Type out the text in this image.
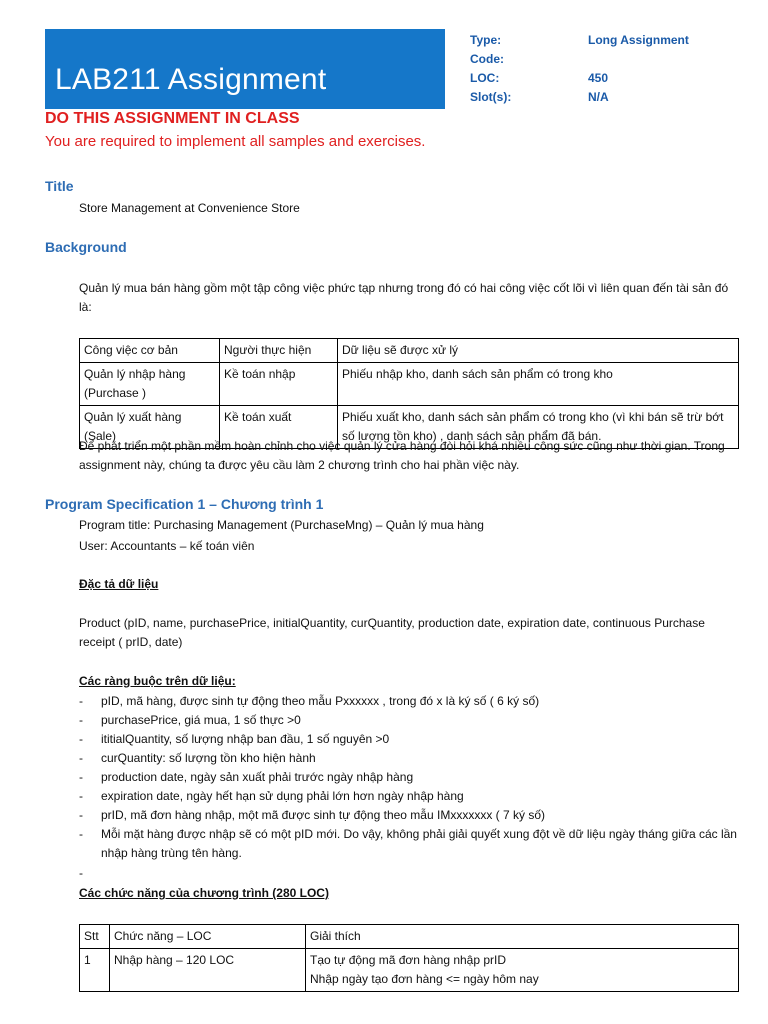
LAB211 Assignment
Type:	Long Assignment
Code:
LOC:	450
Slot(s):	N/A
DO THIS ASSIGNMENT IN CLASS
You are required to implement all samples and exercises.
Title
Store Management at Convenience Store
Background
Quản lý mua bán hàng gồm một tập công việc phức tạp nhưng trong đó có hai công việc cốt lõi vì liên quan đến tài sản đó là:
Công việc cơ bản	Người thực hiện	Dữ liệu sẽ được xử lý
Quản lý nhập hàng (Purchase )	Kề toán nhập	Phiếu nhập kho, danh sách sản phẩm có trong kho
Quản lý xuất hàng (Sale)	Kề toán xuất	Phiếu xuất kho, danh sách sản phẩm có trong kho (vì khi bán sẽ trừ bớt số lượng tồn kho) , danh sách sản phẩm đã bán.
Để phát triển một phần mềm hoàn chỉnh cho việc quản lý cửa hàng đòi hỏi khá nhiều công sức cũng như thời gian. Trong assignment này, chúng ta được yêu cầu làm 2 chương trình cho hai phần việc này.
Program Specification 1 – Chương trình 1
Program title: Purchasing Management (PurchaseMng) – Quản lý mua hàng
User: Accountants – kế toán viên
Đặc tả dữ liệu
Product (pID, name, purchasePrice, initialQuantity, curQuantity, production date, expiration date, continuous Purchase receipt ( prID, date)
Các ràng buộc trên dữ liệu:
- pID, mã hàng, được sinh tự động theo mẫu Pxxxxxx , trong đó x là ký số ( 6 ký số)
- purchasePrice, giá mua, 1 số thực >0
- ititialQuantity, số lượng nhập ban đầu, 1 số nguyên >0
- curQuantity: số lượng tồn kho hiện hành
- production date, ngày sản xuất phải trước ngày nhập hàng
- expiration date, ngày hết hạn sử dụng phải lớn hơn ngày nhập hàng
- prID, mã đơn hàng nhập, một mã được sinh tự động theo mẫu IMxxxxxxx ( 7 ký số)
- Mỗi mặt hàng được nhập sẽ có một pID mới. Do vậy, không phải giải quyết xung đột về dữ liệu ngày tháng giữa các lần nhập hàng trùng tên hàng.
-
Các chức năng của chương trình (280 LOC)
Stt	Chức năng – LOC	Giải thích
1	Nhập hàng – 120 LOC	Tạo tự động mã đơn hàng nhập prID
Nhập ngày tạo đơn hàng <= ngày hôm nay
